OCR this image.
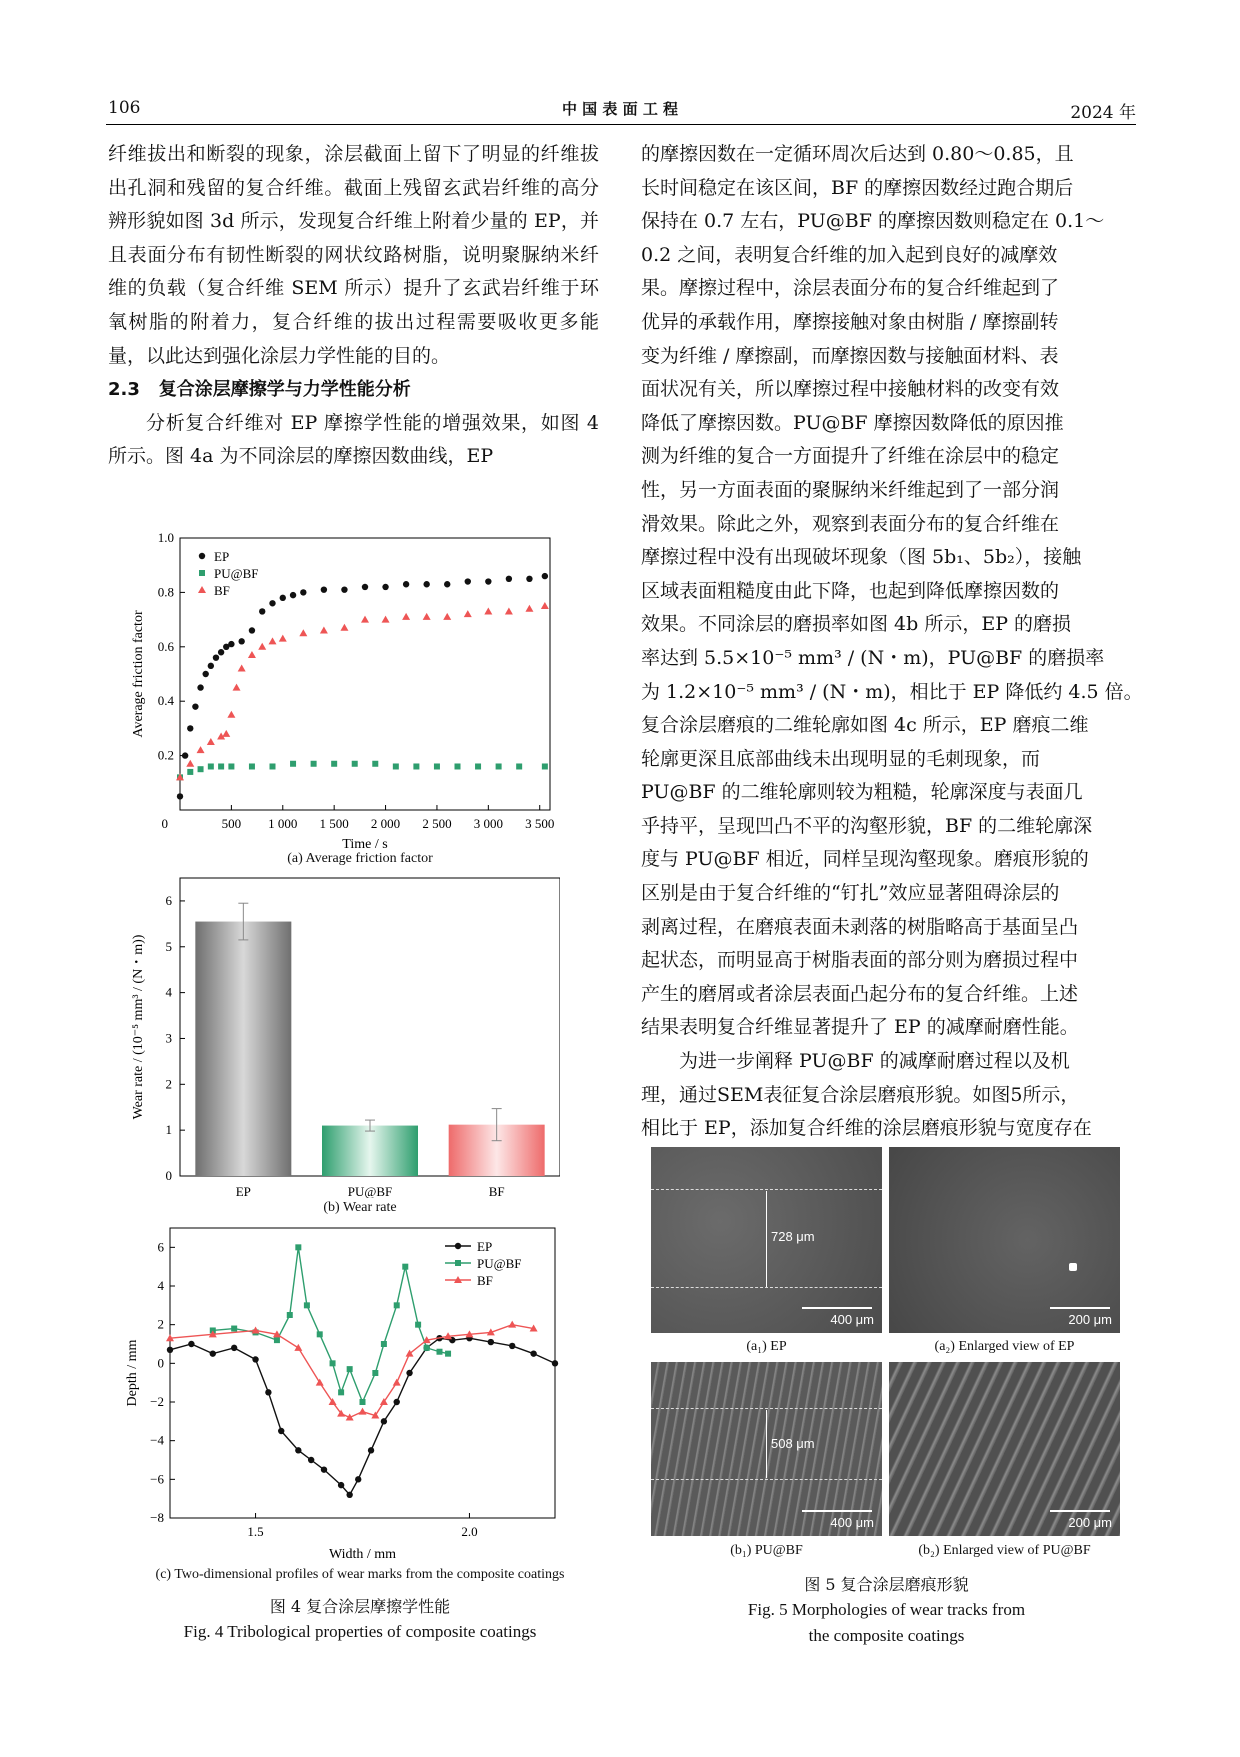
106	中 国 表 面 工 程	2024 年

纤维拔出和断裂的现象，涂层截面上留下了明显的纤维拔出孔洞和残留的复合纤维。截面上残留玄武岩纤维的高分辨形貌如图 3d 所示，发现复合纤维上附着少量的 EP，并且表面分布有韧性断裂的网状纹路树脂，说明聚脲纳米纤维的负载（复合纤维 SEM 所示）提升了玄武岩纤维于环氧树脂的附着力，复合纤维的拔出过程需要吸收更多能量，以此达到强化涂层力学性能的目的。

2.3 复合涂层摩擦学与力学性能分析

分析复合纤维对 EP 摩擦学性能的增强效果，如图 4 所示。图 4a 为不同涂层的摩擦因数曲线，EP

的摩擦因数在一定循环周次后达到 0.80～0.85，且
长时间稳定在该区间，BF 的摩擦因数经过跑合期后
保持在 0.7 左右，PU@BF 的摩擦因数则稳定在 0.1～
0.2 之间，表明复合纤维的加入起到良好的减摩效
果。摩擦过程中，涂层表面分布的复合纤维起到了
优异的承载作用，摩擦接触对象由树脂 / 摩擦副转
变为纤维 / 摩擦副，而摩擦因数与接触面材料、表
面状况有关，所以摩擦过程中接触材料的改变有效
降低了摩擦因数。PU@BF 摩擦因数降低的原因推
测为纤维的复合一方面提升了纤维在涂层中的稳定
性，另一方面表面的聚脲纳米纤维起到了一部分润
滑效果。除此之外，观察到表面分布的复合纤维在
摩擦过程中没有出现破坏现象（图 5b₁、5b₂），接触
区域表面粗糙度由此下降，也起到降低摩擦因数的
效果。不同涂层的磨损率如图 4b 所示，EP 的磨损
率达到 5.5×10⁻⁵ mm³ / (N・m)，PU@BF 的磨损率
为 1.2×10⁻⁵ mm³ / (N・m)，相比于 EP 降低约 4.5 倍。
复合涂层磨痕的二维轮廓如图 4c 所示，EP 磨痕二维
轮廓更深且底部曲线未出现明显的毛刺现象，而
PU@BF 的二维轮廓则较为粗糙，轮廓深度与表面几
乎持平，呈现凹凸不平的沟壑形貌，BF 的二维轮廓深
度与 PU@BF 相近，同样呈现沟壑现象。磨痕形貌的
区别是由于复合纤维的“钉扎”效应显著阻碍涂层的
剥离过程，在磨痕表面未剥落的树脂略高于基面呈凸
起状态，而明显高于树脂表面的部分则为磨损过程中
产生的磨屑或者涂层表面凸起分布的复合纤维。上述
结果表明复合纤维显著提升了 EP 的减摩耐磨性能。
为进一步阐释 PU@BF 的减摩耐磨过程以及机
理，通过SEM表征复合涂层磨痕形貌。如图5所示，
相比于 EP，添加复合纤维的涂层磨痕形貌与宽度存在
500 1 000 1 500 2 000 2 500 3 000 3 500
0
0.2
0.4
0.6
0.8
1.0
Time / s
Average friction factor
EP
PU@BF
BF
(a) Average friction factor
0
1
2
3
4
5
6
Wear rate / (10⁻⁵ mm³ / (N・m))
EP	PU@BF	BF
(b) Wear rate
1.5	2.0
−8
−6
−4
−2
0
2
4
6
Width / mm
Depth / mm
EP
PU@BF
BF
(c) Two-dimensional profiles of wear marks from the composite coatings
图 4 复合涂层摩擦学性能
Fig. 4 Tribological properties of composite coatings
728 μm
400 μm	200 μm
(a₁) EP	(a₂) Enlarged view of EP
508 μm
400 μm	200 μm
(b₁) PU@BF	(b₂) Enlarged view of PU@BF
图 5 复合涂层磨痕形貌
Fig. 5 Morphologies of wear tracks from
the composite coatings
